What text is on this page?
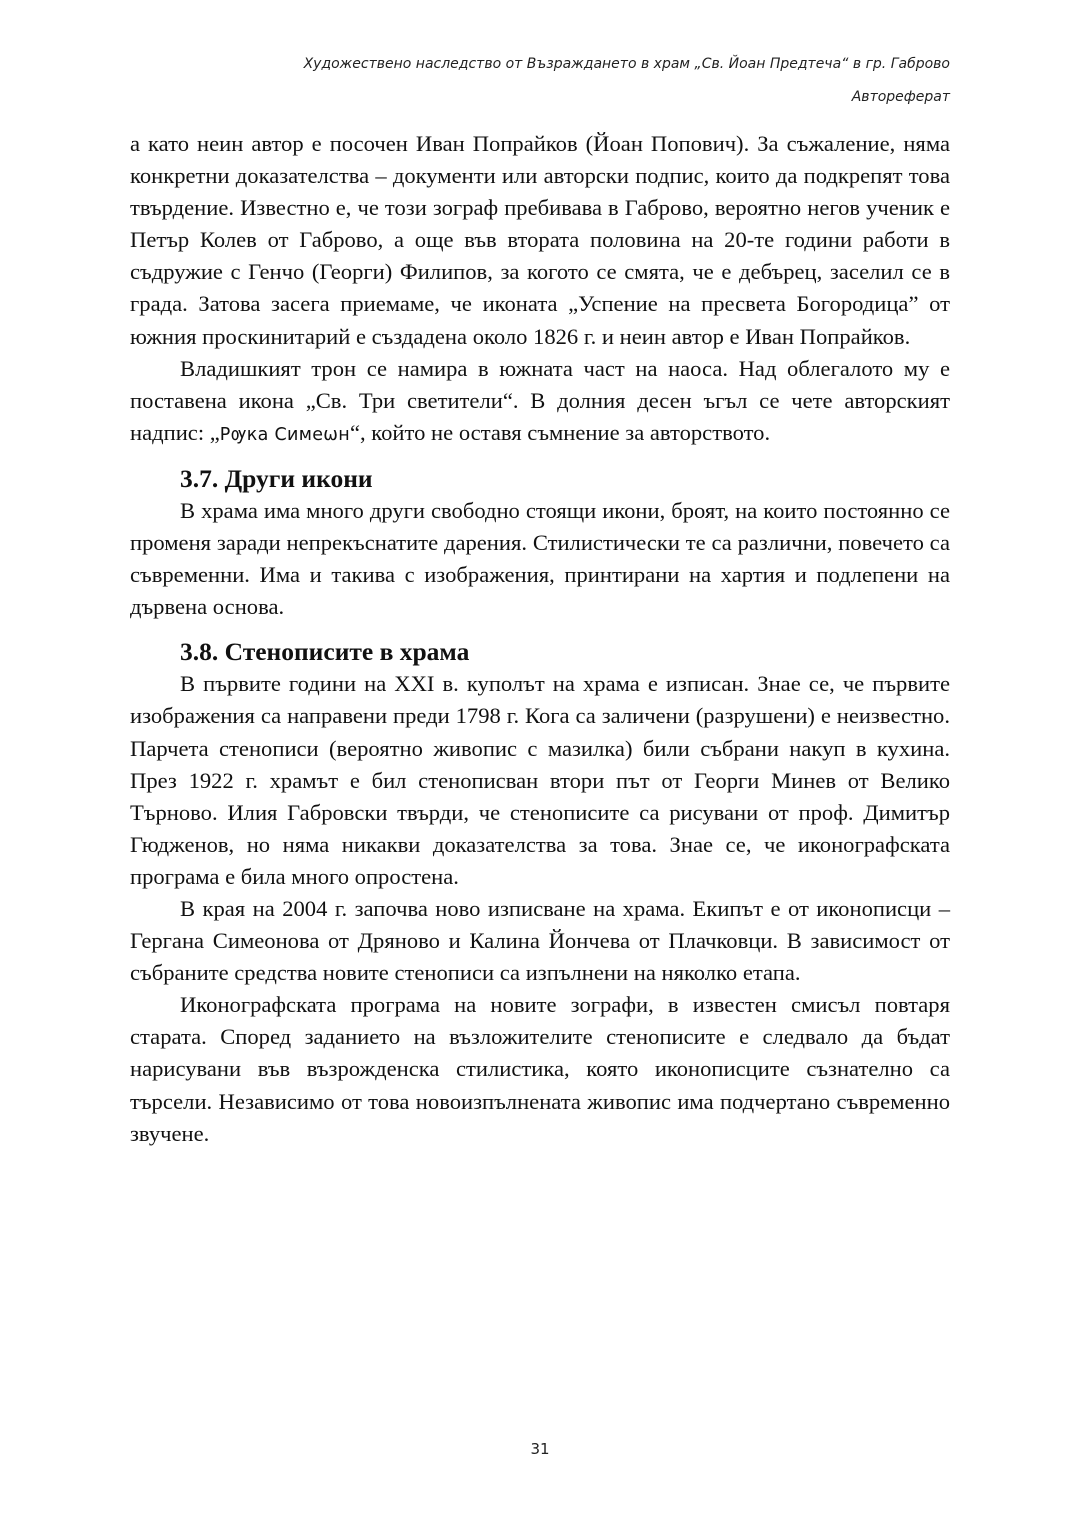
Художествено наследство от Възраждането в храм „Св. Йоан Предтеча“ в гр. Габрово
Автореферат

а като неин автор е посочен Иван Попрайков (Йоан Попович). За съжаление, няма конкретни доказателства – документи или авторски подпис, които да подкрепят това твърдение. Известно е, че този зограф пребивава в Габрово, вероятно негов ученик е Петър Колев от Габрово, а още във втората половина на 20-те години работи в съдружие с Генчо (Георги) Филипов, за когото се смята, че е дебърец, заселил се в града. Затова засега приемаме, че иконата „Успение на пресвета Богородица” от южния проскинитарий е създадена около 1826 г. и неин автор е Иван Попрайков.

Владишкият трон се намира в южната част на наоса. Над облегалото му е поставена икона „Св. Три светители“. В долния десен ъгъл се чете авторският надпис: „Рѹка Симеѡн“, който не оставя съмнение за авторството.

3.7. Други икони

В храма има много други свободно стоящи икони, броят, на които постоянно се променя заради непрекъснатите дарения. Стилистически те са различни, повечето са съвременни. Има и такива с изображения, принтирани на хартия и подлепени на дървена основа.

3.8. Стенописите в храма

В първите години на XXI в. куполът на храма е изписан. Знае се, че първите изображения са направени преди 1798 г. Кога са заличени (разрушени) е неизвестно. Парчета стенописи (вероятно живопис с мазилка) били събрани накуп в кухина. През 1922 г. храмът е бил стенописван втори път от Георги Минев от Велико Търново. Илия Габровски твърди, че стенописите са рисувани от проф. Димитър Гюдженов, но няма никакви доказателства за това. Знае се, че иконографската програма е била много опростена.

В края на 2004 г. започва ново изписване на храма. Екипът е от иконописци – Гергана Симеонова от Дряново и Калина Йончева от Плачковци. В зависимост от събраните средства новите стенописи са изпълнени на няколко етапа.

Иконографската програма на новите зографи, в известен смисъл повтаря старата. Според заданието на възложителите стенописите е следвало да бъдат нарисувани във възрожденска стилистика, която иконописците съзнателно са търсели. Независимо от това новоизпълнената живопис има подчертано съвременно звучене.

31
